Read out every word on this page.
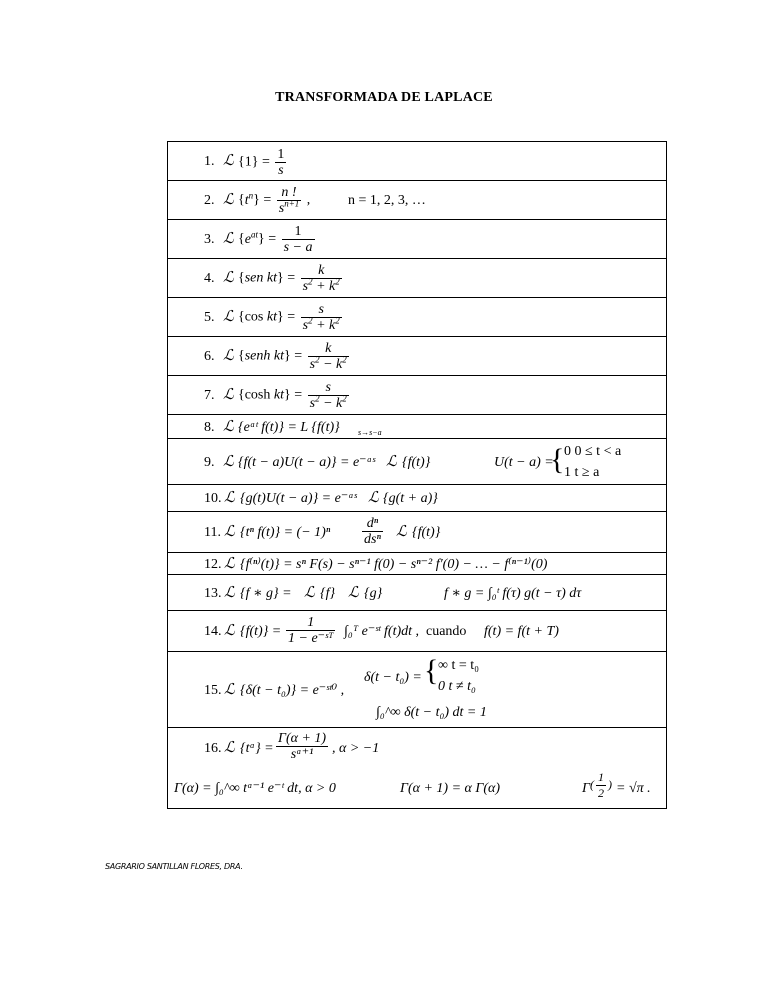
TRANSFORMADA DE LAPLACE
1. ℒ $\{1\} = \frac{1}{s}$
2. ℒ $\{t^n\} = \frac{n !}{s^{n+1}}$ ,	n = 1, 2, 3, …
3. ℒ $\{e^{at}\} = \frac{1}{s - a}$
4. ℒ {sen $kt\} = \frac{k}{s^2 + k^2}$
5. ℒ {cos $kt\} = \frac{s}{s^2 + k^2}$
6. ℒ {senh $kt\} = \frac{k}{s^2 - k^2}$
7. ℒ {cosh $kt\} = \frac{s}{s^2 - k^2}$
8. ℒ {eᵃᵗ f(t)} = L {f(t)} s→s−a
9. ℒ {f(t − a)U(t − a)} = e⁻ᵃˢ ℒ {f(t)}	U(t − a) =
{ 0 0 ≤ t < a
1 t ≥ a
10. ℒ {g(t)U(t − a)} = e⁻ᵃˢ ℒ {g(t + a)}
11. ℒ {tⁿ f(t)} = (− $1)^n \frac{\text{dⁿ}}{\text{dsⁿ}}$ ℒ {f(t)}
12. ℒ {f⁽ⁿ⁾(t)} = sⁿ F(s) − sⁿ⁻¹ f(0) − sⁿ⁻² f′(0) − … − f⁽ⁿ⁻¹⁾(0)
13. ℒ {f ∗ g} = ℒ {f} ℒ {g}	f ∗ g = ∫₀ᵗ f(τ) g(t − τ) dτ
14. ℒ $\{f(t)\} = \frac{1}{\text{1 − e⁻ˢᵀ}}$ ∫₀ᵀ e⁻ˢᵗ f(t)dt , cuando f(t) = f(t + T)
15. ℒ {δ(t − t₀)} = e⁻ˢᵗ⁰ ,
δ(t − t₀) = { ∞ t = t₀
0 t ≠ t₀
∫₀^∞ δ(t − t₀) dt = 1
16. ℒ {tᵅ} = $\frac{\Gamma(\alpha + 1)}{\text{sᵅ⁺¹}}$ , α > −1
Γ(α) = ∫₀^∞ tᵅ⁻¹ e⁻ᵗ dt, α > 0	Γ(α + 1) = α Γ(α)	Γ ( $\frac{1}{2}$ ) = √π .
SAGRARIO SANTILLAN FLORES, DRA.
